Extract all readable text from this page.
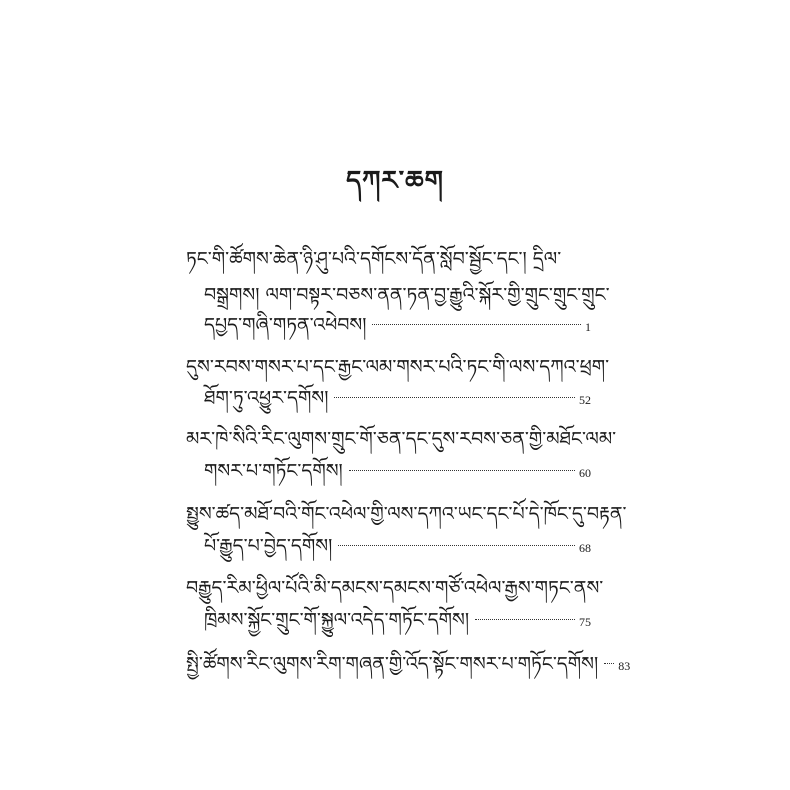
དཀར་ཆག
ཏང་གི་ཚོགས་ཆེན་ཉི་ཤུ་པའི་དགོངས་དོན་སློབ་སྦྱོང་དང་། དྲིལ་
བསྒྲགས། ལག་བསྟར་བཅས་ནན་ཏན་བྱ་རྒྱུའི་སྐོར་གྱི་གྲུང་གྲུང་གྲུང་
དཔྱད་གཞི་གཏན་འཕེབས།	1
དུས་རབས་གསར་པ་དང་རྒྱང་ལམ་གསར་པའི་ཏང་གི་ལས་དཀའ་ཕྲག་
ཐོག་ཏུ་འཕྱུར་དགོས།	52
མར་ཁེ་སིའི་རིང་ལུགས་གྲུང་གོ་ཅན་དང་དུས་རབས་ཅན་གྱི་མཐོང་ལམ་
གསར་པ་གཏོང་དགོས།	60
སྤྱུས་ཚད་མཐོ་བའི་གོང་འཕེལ་གྱི་ལས་དཀའ་ཡང་དང་པོ་དེ་ཁོང་དུ་བརྟན་
པོ་རྒྱུད་པ་བྱེད་དགོས།	68
བརྒྱུད་རིམ་ཕྱིལ་པོའི་མི་དམངས་དམངས་གཙོ་འཕེལ་རྒྱས་གཏང་ནས་
ཁྲིམས་སྐྱོང་གྲུང་གོ་སྐྱུལ་འདེད་གཏོང་དགོས།	75
སྤྱི་ཚོགས་རིང་ལུགས་རིག་གཞན་གྱི་འོད་སྟོང་གསར་པ་གཏོང་དགོས། 83
